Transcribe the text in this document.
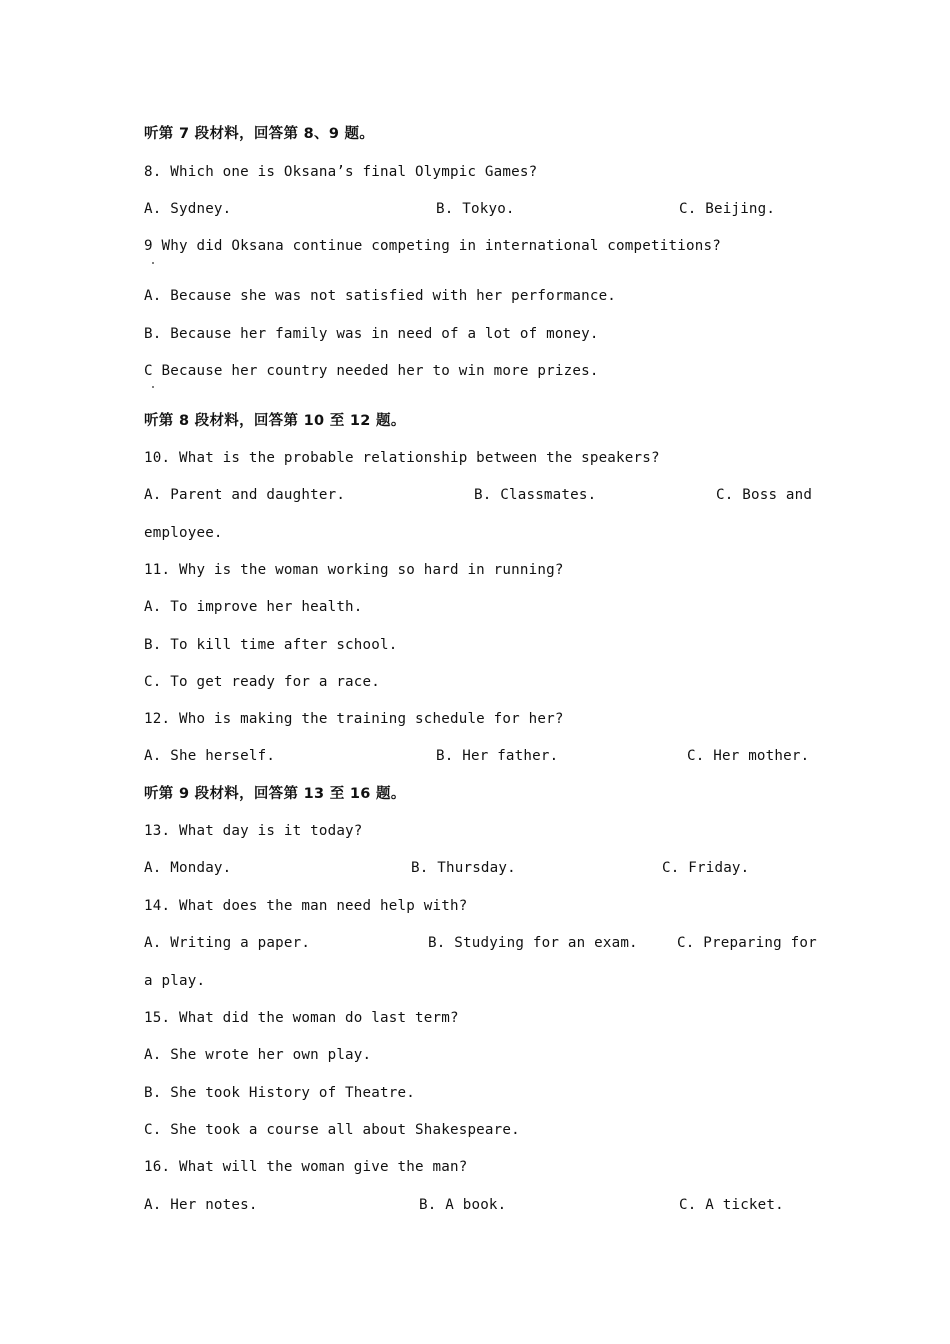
听第 7 段材料，回答第 8、9 题。
8. Which one is Oksana’s final Olympic Games?
A. Sydney.	B. Tokyo.	C. Beijing.
9 Why did Oksana continue competing in international competitions?
A. Because she was not satisfied with her performance.
B. Because her family was in need of a lot of money.
C Because her country needed her to win more prizes.
听第 8 段材料，回答第 10 至 12 题。
10. What is the probable relationship between the speakers?
A. Parent and daughter.	B. Classmates.	C. Boss and
employee.
11. Why is the woman working so hard in running?
A. To improve her health.
B. To kill time after school.
C. To get ready for a race.
12. Who is making the training schedule for her?
A. She herself.	B. Her father.	C. Her mother.
听第 9 段材料，回答第 13 至 16 题。
13. What day is it today?
A. Monday.	B. Thursday.	C. Friday.
14. What does the man need help with?
A. Writing a paper.	B. Studying for an exam.	C. Preparing for
a play.
15. What did the woman do last term?
A. She wrote her own play.
B. She took History of Theatre.
C. She took a course all about Shakespeare.
16. What will the woman give the man?
A. Her notes.	B. A book.	C. A ticket.
